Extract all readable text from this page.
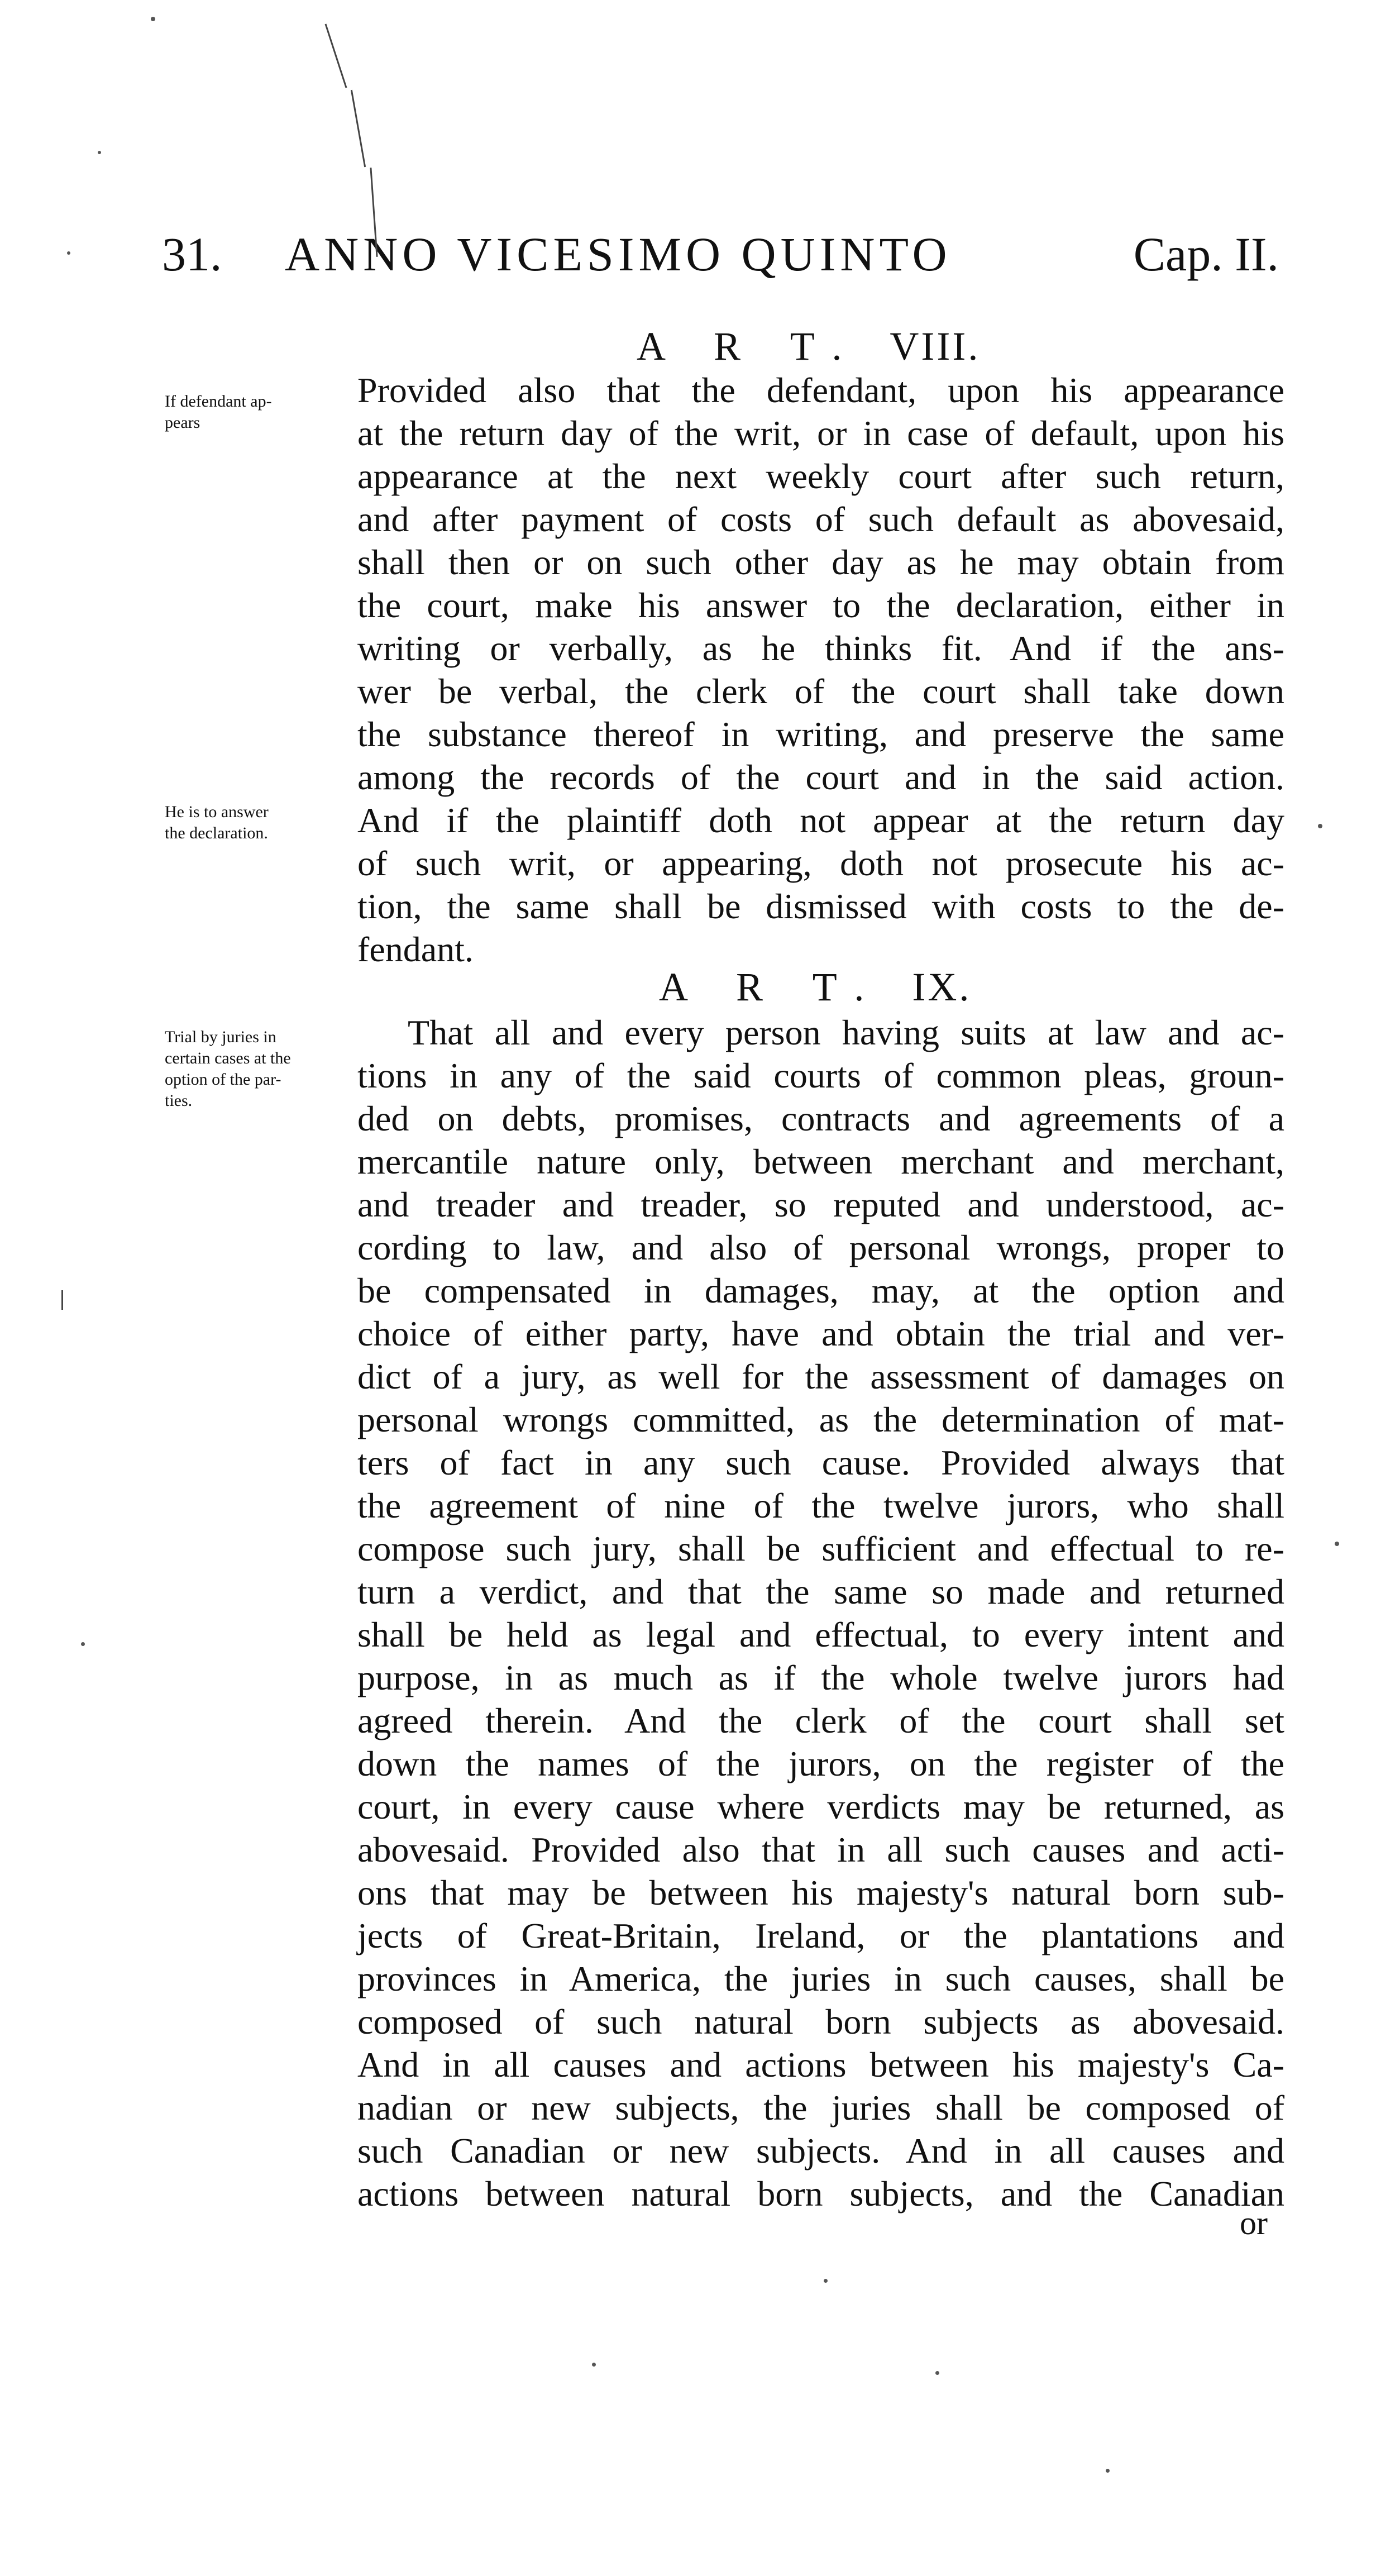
31. ANNO VICESIMO QUINTO	Cap. II.
A R T. VIII.
If defendant ap-
pears
Provided also that the defendant, upon his appearance
at the return day of the writ, or in case of default, upon his
appearance at the next weekly court after such return,
and after payment of costs of such default as abovesaid,
shall then or on such other day as he may obtain from
the court, make his answer to the declaration, either in
writing or verbally, as he thinks fit. And if the ans-
wer be verbal, the clerk of the court shall take down
the substance thereof in writing, and preserve the same
among the records of the court and in the said action.
And if the plaintiff doth not appear at the return day
of such writ, or appearing, doth not prosecute his ac-
tion, the same shall be dismissed with costs to the de-
fendant.
He is to answer
the declaration.
A R T. IX.
Trial by juries in
certain cases at the
option of the par-
ties.
That all and every person having suits at law and ac-
tions in any of the said courts of common pleas, groun-
ded on debts, promises, contracts and agreements of a
mercantile nature only, between merchant and merchant,
and treader and treader, so reputed and understood, ac-
cording to law, and also of personal wrongs, proper to
be compensated in damages, may, at the option and
choice of either party, have and obtain the trial and ver-
dict of a jury, as well for the assessment of damages on
personal wrongs committed, as the determination of mat-
ters of fact in any such cause. Provided always that
the agreement of nine of the twelve jurors, who shall
compose such jury, shall be sufficient and effectual to re-
turn a verdict, and that the same so made and returned
shall be held as legal and effectual, to every intent and
purpose, in as much as if the whole twelve jurors had
agreed therein. And the clerk of the court shall set
down the names of the jurors, on the register of the
court, in every cause where verdicts may be returned, as
abovesaid. Provided also that in all such causes and acti-
ons that may be between his majesty's natural born sub-
jects of Great-Britain, Ireland, or the plantations and
provinces in America, the juries in such causes, shall be
composed of such natural born subjects as abovesaid.
And in all causes and actions between his majesty's Ca-
nadian or new subjects, the juries shall be composed of
such Canadian or new subjects. And in all causes and
actions between natural born subjects, and the Canadian
or
